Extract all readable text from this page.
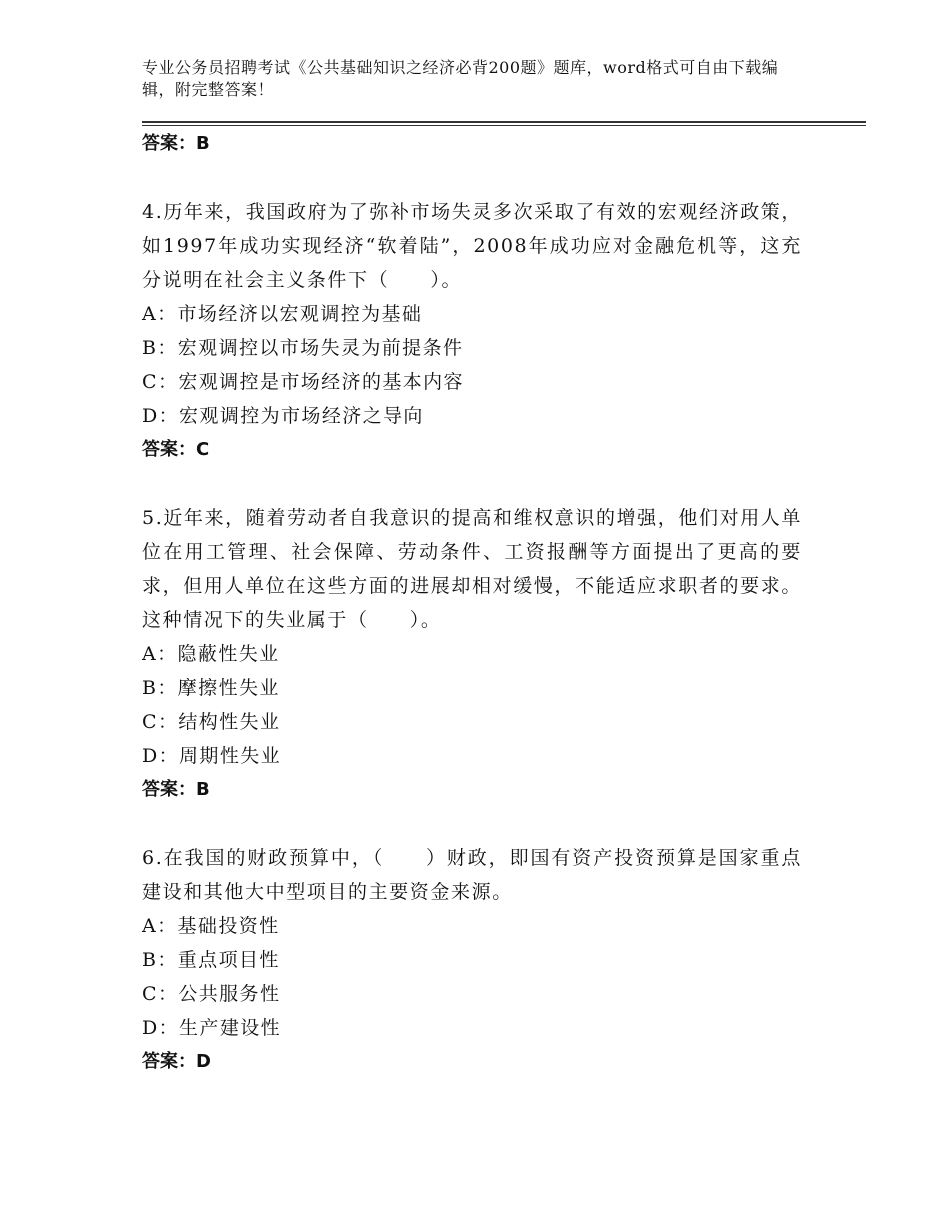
专业公务员招聘考试《公共基础知识之经济必背200题》题库，word格式可自由下载编辑，附完整答案！
答案：B
4.历年来，我国政府为了弥补市场失灵多次采取了有效的宏观经济政策，如1997年成功实现经济“软着陆”，2008年成功应对金融危机等，这充分说明在社会主义条件下（　　）。
A：市场经济以宏观调控为基础
B：宏观调控以市场失灵为前提条件
C：宏观调控是市场经济的基本内容
D：宏观调控为市场经济之导向
答案：C
5.近年来，随着劳动者自我意识的提高和维权意识的增强，他们对用人单位在用工管理、社会保障、劳动条件、工资报酬等方面提出了更高的要求，但用人单位在这些方面的进展却相对缓慢，不能适应求职者的要求。这种情况下的失业属于（　　）。
A：隐蔽性失业
B：摩擦性失业
C：结构性失业
D：周期性失业
答案：B
6.在我国的财政预算中，（　　）财政，即国有资产投资预算是国家重点建设和其他大中型项目的主要资金来源。
A：基础投资性
B：重点项目性
C：公共服务性
D：生产建设性
答案：D
